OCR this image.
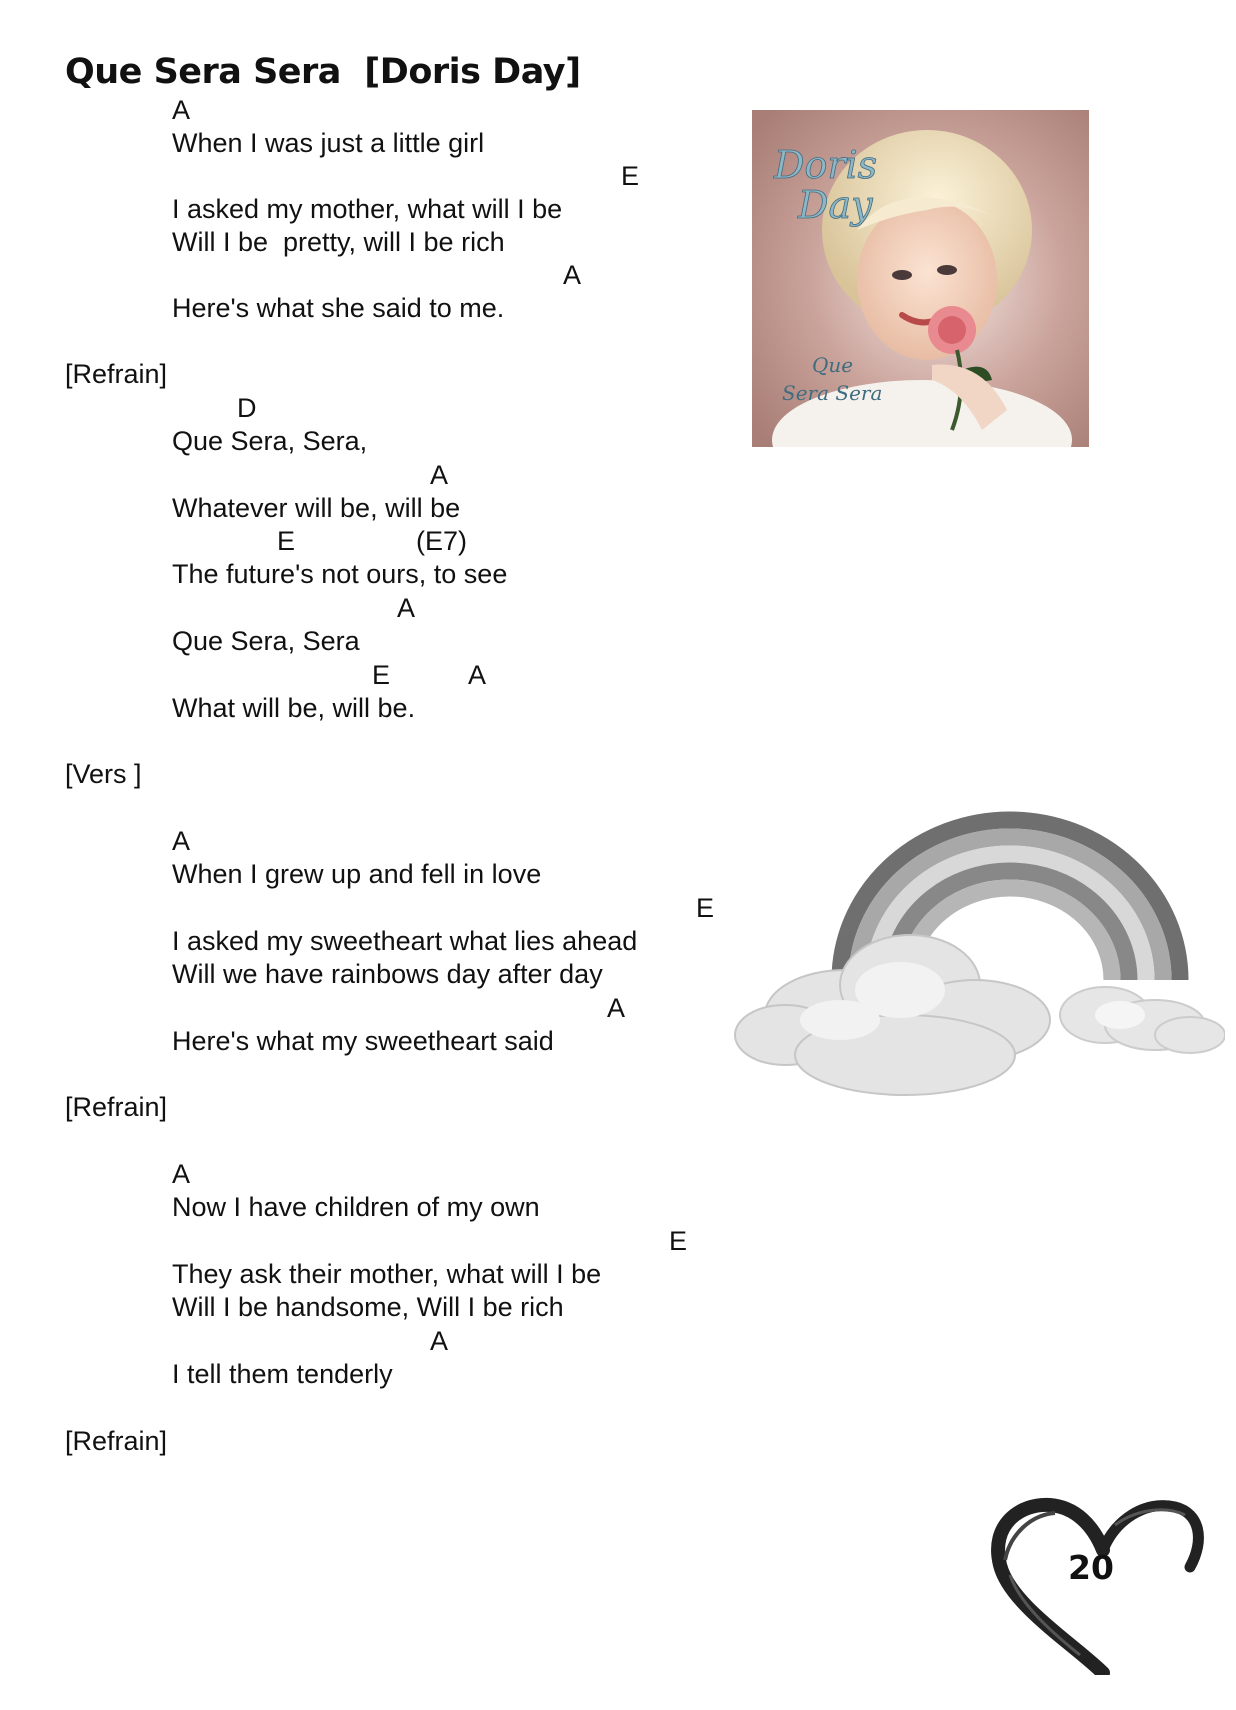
Que Sera Sera  [Doris Day]
A
When I was just a little girl
E
I asked my mother, what will I be
Will I be  pretty, will I be rich
A
Here's what she said to me.
[Refrain]
D
Que Sera, Sera,
A
Whatever will be, will be
E	(E7)
The future's not ours, to see
A
Que Sera, Sera
E	A
What will be, will be.
[Vers ]
A
When I grew up and fell in love
E
I asked my sweetheart what lies ahead
Will we have rainbows day after day
A
Here's what my sweetheart said
[Refrain]
A
Now I have children of my own
E
They ask their mother, what will I be
Will I be handsome, Will I be rich
A
I tell them tenderly
[Refrain]
Doris
Day
Que
Sera Sera
20
